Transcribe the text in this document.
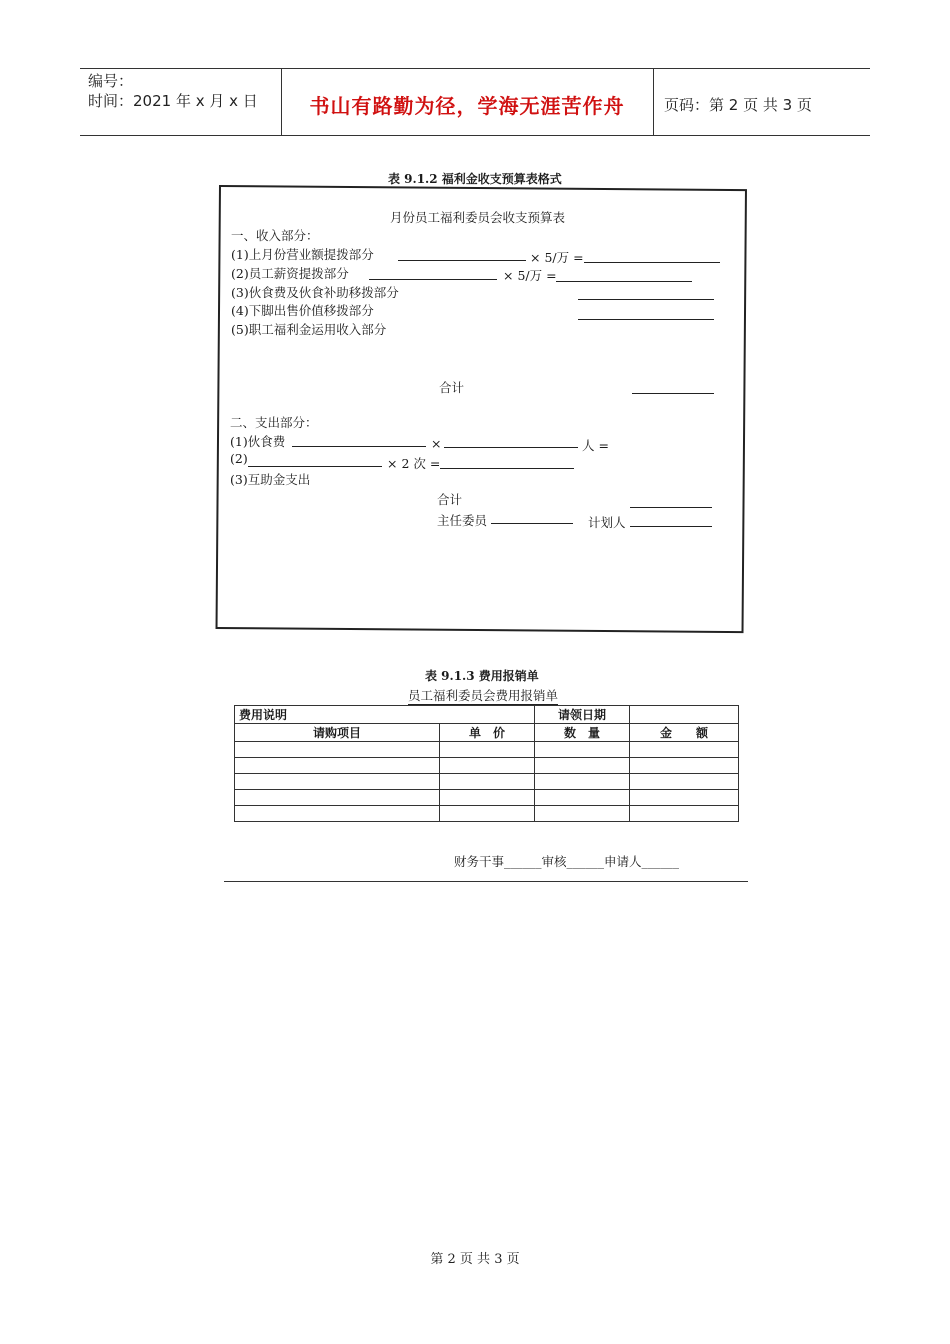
编号：
时间：2021 年 x 月 x 日	书山有路勤为径，学海无涯苦作舟	页码：第 2 页 共 3 页
表 9.1.2 福利金收支预算表格式
月份员工福利委员会收支预算表
一、收入部分：
(1)上月份营业额提拨部分	× 5/万 =
(2)员工薪资提拨部分	× 5/万 =
(3)伙食费及伙食补助移拨部分
(4)下脚出售价值移拨部分
(5)职工福利金运用收入部分
合计
二、支出部分：
(1)伙食费	×	人 =
(2)	× 2 次 =
(3)互助金支出
合计
主任委员	计划人
表 9.1.3 费用报销单
员工福利委员会费用报销单
费用说明		请领日期	
请购项目	单　价	数　量	金　　额

财务干事______审核______申请人______
第 2 页 共 3 页
